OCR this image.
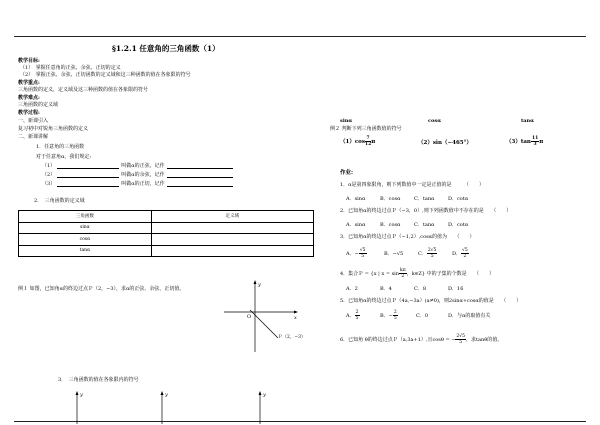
§1.2.1 任意角的三角函数（1）
教学目标:
（1）　掌握任意角的正弦、余弦、正切的定义
（2）　掌握正弦、余弦、正切函数的定义域和这三种函数的值在各象限的符号
教学重点:
三角函数的定义，定义域及这三种函数的值在各象限的符号
教学难点:
三角函数的定义域
教学过程:
一、新课引入
复习初中对锐角三角函数的定义
二、新课讲解
1．任意角的三角函数
对于任意角α，我们规定:
（1）	叫做α的正弦，记作
（2）	叫做α的余弦，记作
（3）	叫做α的正切，记作
2．　三角函数的定义域
三角函数	定义域
sinα	
cosα	
tanα	
例１ 如图，已知角α的终边过点Ｐ（2，−3），求α的正弦、余弦、正切值。
y
x
O
Ｐ（2，−3）
3．　三角函数的值在各象限内的符号
y	y	y
sinα	cosα	tanα
例２ 判断下列三角函数值的符号
$(1)\cos \frac{7}{12}$ π	（2）sin（−465°）	$(3)\tan \frac{11}{3}$ π
作业:
1．α是第四象限角，则下列数值中一定是正值的是　　　（　　）
A．sinα	B．cosα	C．tanα	D．cotα
2．已知角α的终边过点Ｐ（−3，0）,则下列函数值中不存在的是　　（　　）
A．sinα	B．cosα	C．tanα	D．cotα
3．已知角α的终边过点Ｐ（−1,2）,cosα的值为　　（　　）
A．− $\frac{√5}{5}$	B．−√5	C． $\frac{2√5}{5}$	D． $\frac{√5}{2}$
4．集合Ｐ = {x | $x = \sin \frac{k\pi}{2}$ ，k∈Z} 中的子集的个数是　　（　　）
A．2	B．4	C．8	D．16
5．已知角α的终边过点Ｐ（4a,−3a）(a≠0)，则2sinα+cosα的值是　　（　　）
A． $\frac{2}{5}$	B．− $\frac{2}{5}$	C．0	D．与α的取值有关
6．已知角 θ的终边过点Ｐ（a,3a+1）,且cosθ = − $\frac{2√5}{5}$ ，求tanθ的值。
